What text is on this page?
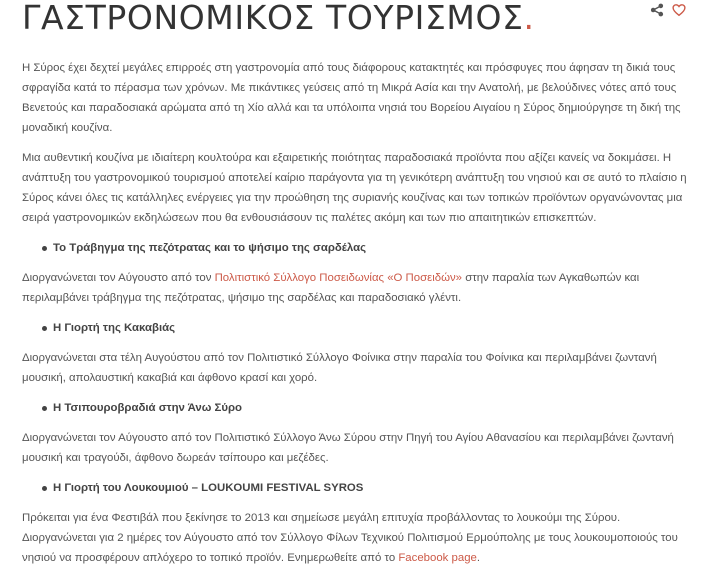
ΓΑΣΤΡΟΝΟΜΙΚΟΣ ΤΟΥΡΙΣΜΟΣ.

Η Σύρος έχει δεχτεί μεγάλες επιρροές στη γαστρονομία από τους διάφορους κατακτητές και πρόσφυγες που άφησαν τη δικιά τους σφραγίδα κατά το πέρασμα των χρόνων. Με πικάντικες γεύσεις από τη Μικρά Ασία και την Ανατολή, με βελούδινες νότες από τους Βενετούς και παραδοσιακά αρώματα από τη Χίο αλλά και τα υπόλοιπα νησιά του Βορείου Αιγαίου η Σύρος δημιούργησε τη δική της μοναδική κουζίνα.

Μια αυθεντική κουζίνα με ιδιαίτερη κουλτούρα και εξαιρετικής ποιότητας παραδοσιακά προϊόντα που αξίζει κανείς να δοκιμάσει. Η ανάπτυξη του γαστρονομικού τουρισμού αποτελεί καίριο παράγοντα για τη γενικότερη ανάπτυξη του νησιού και σε αυτό το πλαίσιο η Σύρος κάνει όλες τις κατάλληλες ενέργειες για την προώθηση της συριανής κουζίνας και των τοπικών προϊόντων οργανώνοντας μια σειρά γαστρονομικών εκδηλώσεων που θα ενθουσιάσουν τις παλέτες ακόμη και των πιο απαιτητικών επισκεπτών.

Το Τράβηγμα της πεζότρατας και το ψήσιμο της σαρδέλας

Διοργανώνεται τον Αύγουστο από τον Πολιτιστικό Σύλλογο Ποσειδωνίας «Ο Ποσειδών» στην παραλία των Αγκαθωπών και περιλαμβάνει τράβηγμα της πεζότρατας, ψήσιμο της σαρδέλας και παραδοσιακό γλέντι.

Η Γιορτή της Κακαβιάς

Διοργανώνεται στα τέλη Αυγούστου από τον Πολιτιστικό Σύλλογο Φοίνικα στην παραλία του Φοίνικα και περιλαμβάνει ζωντανή μουσική, απολαυστική κακαβιά και άφθονο κρασί και χορό.

Η Τσιπουροβραδιά στην Άνω Σύρο

Διοργανώνεται τον Αύγουστο από τον Πολιτιστικό Σύλλογο Άνω Σύρου στην Πηγή του Αγίου Αθανασίου και περιλαμβάνει ζωντανή μουσική και τραγούδι, άφθονο δωρεάν τσίπουρο και μεζέδες.

Η Γιορτή του Λουκουμιού – LOUKOUMI FESTIVAL SYROS

Πρόκειται για ένα Φεστιβάλ που ξεκίνησε το 2013 και σημείωσε μεγάλη επιτυχία προβάλλοντας το λουκούμι της Σύρου. Διοργανώνεται για 2 ημέρες τον Αύγουστο από τον Σύλλογο Φίλων Τεχνικού Πολιτισμού Ερμούπολης με τους λουκουμοποιούς του νησιού να προσφέρουν απλόχερο το τοπικό προϊόν. Ενημερωθείτε από το Facebook page.
